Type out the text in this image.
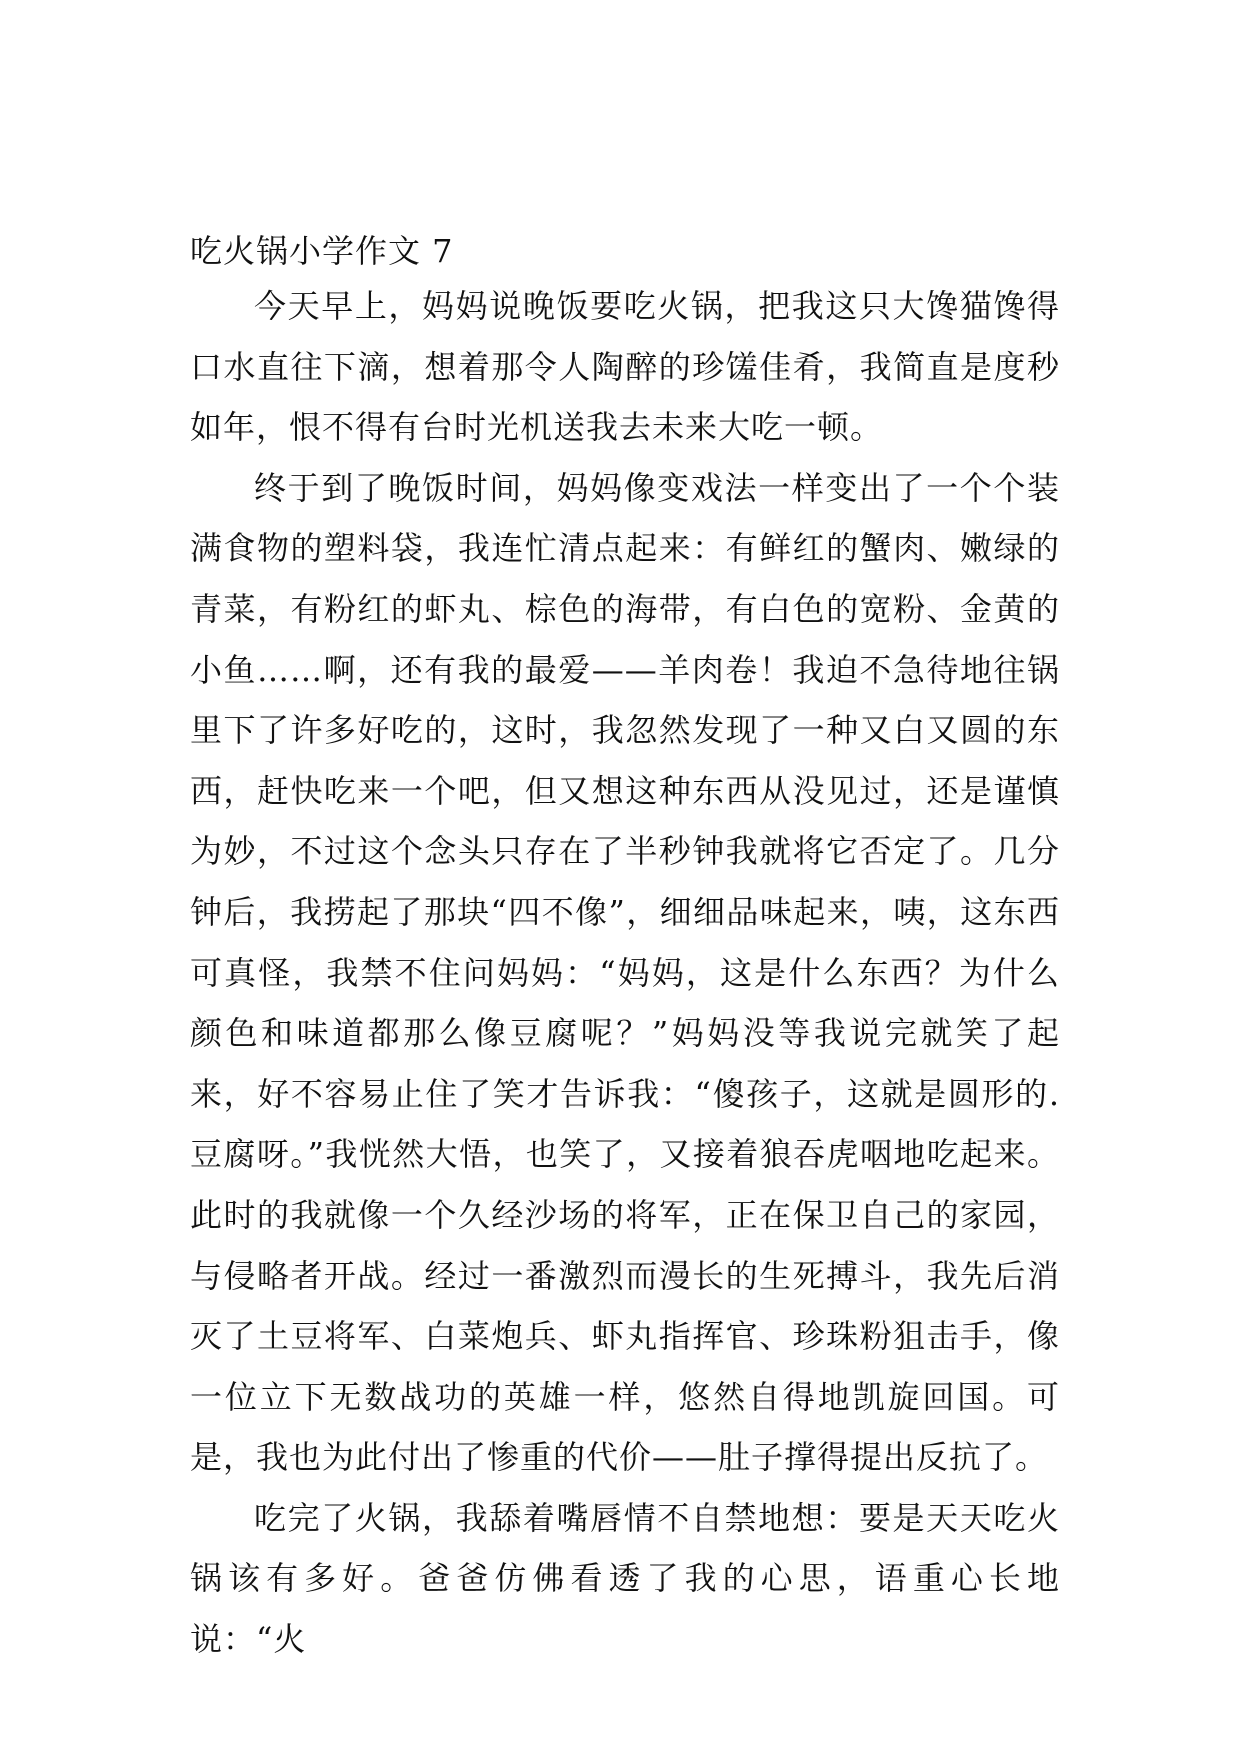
吃火锅小学作文 7

今天早上，妈妈说晚饭要吃火锅，把我这只大馋猫馋得口水直往下滴，想着那令人陶醉的珍馐佳肴，我简直是度秒如年，恨不得有台时光机送我去未来大吃一顿。

终于到了晚饭时间，妈妈像变戏法一样变出了一个个装满食物的塑料袋，我连忙清点起来：有鲜红的蟹肉、嫩绿的青菜，有粉红的虾丸、棕色的海带，有白色的宽粉、金黄的小鱼……啊，还有我的最爱——羊肉卷！我迫不急待地往锅里下了许多好吃的，这时，我忽然发现了一种又白又圆的东西，赶快吃来一个吧，但又想这种东西从没见过，还是谨慎为妙，不过这个念头只存在了半秒钟我就将它否定了。几分钟后，我捞起了那块“四不像”，细细品味起来，咦，这东西可真怪，我禁不住问妈妈：“妈妈，这是什么东西？为什么颜色和味道都那么像豆腐呢？”妈妈没等我说完就笑了起来，好不容易止住了笑才告诉我：“傻孩子，这就是圆形的.豆腐呀。”我恍然大悟，也笑了，又接着狼吞虎咽地吃起来。此时的我就像一个久经沙场的将军，正在保卫自己的家园，与侵略者开战。经过一番激烈而漫长的生死搏斗，我先后消灭了土豆将军、白菜炮兵、虾丸指挥官、珍珠粉狙击手，像一位立下无数战功的英雄一样，悠然自得地凯旋回国。可是，我也为此付出了惨重的代价——肚子撑得提出反抗了。

吃完了火锅，我舔着嘴唇情不自禁地想：要是天天吃火锅该有多好。爸爸仿佛看透了我的心思，语重心长地说：“火
